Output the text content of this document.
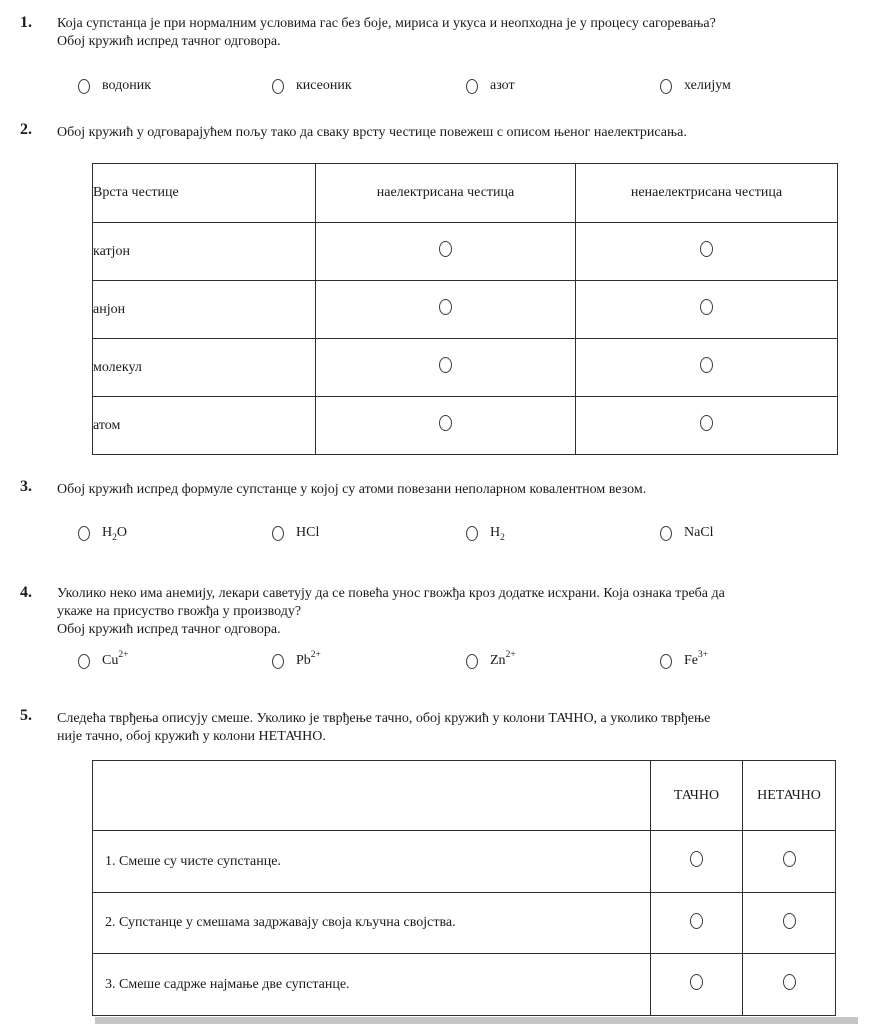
1. Која супстанца је при нормалним условима гас без боје, мириса и укуса и неопходна је у процесу сагоревања?
Обој кружић испред тачног одговора.
водоник	кисеоник	азот	хелијум
2. Обој кружић у одговарајућем пољу тако да сваку врсту честице повежеш с описом њеног наелектрисања.
Врста честице	наелектрисана честица	ненаелектрисана честица
катјон		
анјон		
молекул		
атом		
3. Обој кружић испред формуле супстанце у којој су атоми повезани неполарном ковалентном везом.
$H_2O$	HCl	$H_2$	NaCl
4. Уколико неко има анемију, лекари саветују да се повећа унос гвожђа кроз додатке исхрани. Која ознака треба да
укаже на присуство гвожђа у производу?
Обој кружић испред тачног одговора.
$Cu^{2+}$	$Pb^{2+}$	$Zn^{2+}$	$Fe^{3+}$
5. Следећа тврђења описују смеше. Уколико је тврђење тачно, обој кружић у колони ТАЧНО, а уколико тврђење
није тачно, обој кружић у колони НЕТАЧНО.
	ТАЧНО	НЕТАЧНО
1. Смеше су чисте супстанце.		
2. Супстанце у смешама задржавају своја кључна својства.		
3. Смеше садрже најмање две супстанце.		
